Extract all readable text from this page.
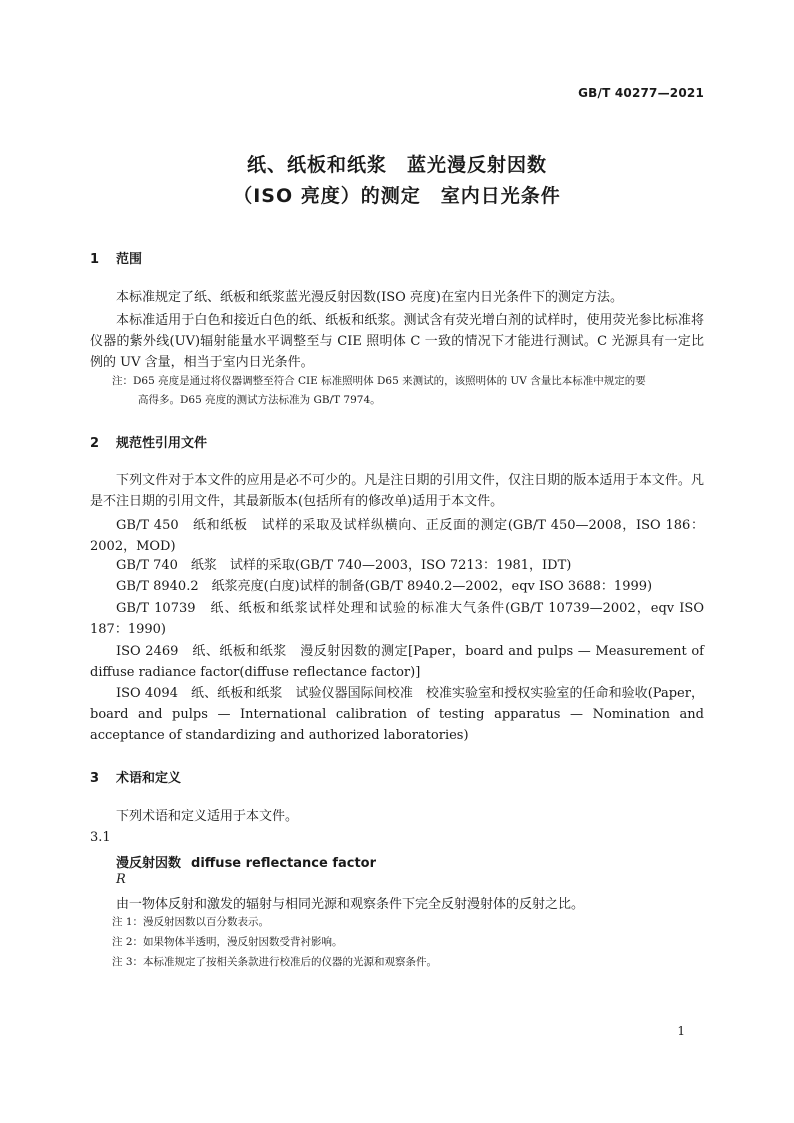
GB/T 40277—2021
纸、纸板和纸浆　蓝光漫反射因数
（ISO 亮度）的测定　室内日光条件
1 范围
本标准规定了纸、纸板和纸浆蓝光漫反射因数(ISO 亮度)在室内日光条件下的测定方法。
本标准适用于白色和接近白色的纸、纸板和纸浆。测试含有荧光增白剂的试样时，使用荧光参比标准将仪器的紫外线(UV)辐射能量水平调整至与 CIE 照明体 C 一致的情况下才能进行测试。C 光源具有一定比例的 UV 含量，相当于室内日光条件。
注：D65 亮度是通过将仪器调整至符合 CIE 标准照明体 D65 来测试的，该照明体的 UV 含量比本标准中规定的要
高得多。D65 亮度的测试方法标准为 GB/T 7974。
2 规范性引用文件
下列文件对于本文件的应用是必不可少的。凡是注日期的引用文件，仅注日期的版本适用于本文件。凡是不注日期的引用文件，其最新版本(包括所有的修改单)适用于本文件。
GB/T 450　纸和纸板　试样的采取及试样纵横向、正反面的测定(GB/T 450—2008，ISO 186：2002，MOD)
GB/T 740　纸浆　试样的采取(GB/T 740—2003，ISO 7213：1981，IDT)
GB/T 8940.2　纸浆亮度(白度)试样的制备(GB/T 8940.2—2002，eqv ISO 3688：1999)
GB/T 10739　纸、纸板和纸浆试样处理和试验的标准大气条件(GB/T 10739—2002，eqv ISO 187：1990)
ISO 2469　纸、纸板和纸浆　漫反射因数的测定[Paper，board and pulps — Measurement of diffuse radiance factor(diffuse reflectance factor)]
ISO 4094　纸、纸板和纸浆　试验仪器国际间校准　校准实验室和授权实验室的任命和验收(Paper，board and pulps — International calibration of testing apparatus — Nomination and acceptance of standardizing and authorized laboratories)
3 术语和定义
下列术语和定义适用于本文件。
3.1
漫反射因数 diffuse reflectance factor
R
由一物体反射和激发的辐射与相同光源和观察条件下完全反射漫射体的反射之比。
注 1：漫反射因数以百分数表示。
注 2：如果物体半透明，漫反射因数受背衬影响。
注 3：本标准规定了按相关条款进行校准后的仪器的光源和观察条件。
1
